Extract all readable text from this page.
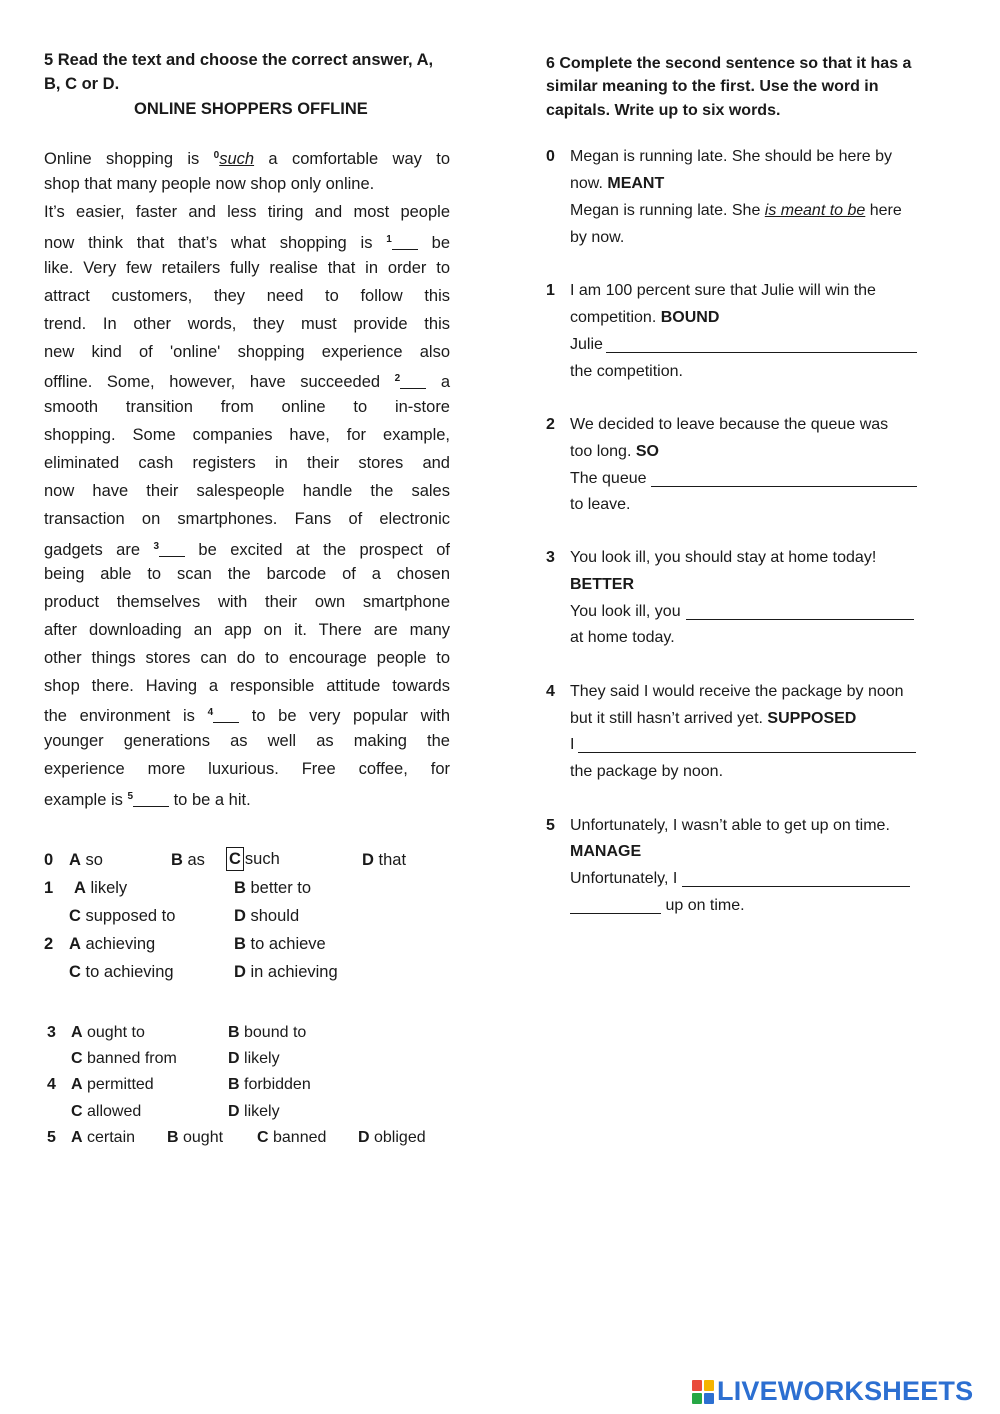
5 Read the text and choose the correct answer, A,
B, C or D.
ONLINE SHOPPERS OFFLINE
Online shopping is $^0$such a comfortable way to
shop that many people now shop only online.
It’s easier, faster and less tiring and most people
now think that that’s what shopping is $^1$ be
like. Very few retailers fully realise that in order to
attract customers, they need to follow this
trend. In other words, they must provide this
new kind of 'online' shopping experience also
offline. Some, however, have succeeded $^2$ a
smooth transition from online to in-store
shopping. Some companies have, for example,
eliminated cash registers in their stores and
now have their salespeople handle the sales
transaction on smartphones. Fans of electronic
gadgets are $^3$ be excited at the prospect of
being able to scan the barcode of a chosen
product themselves with their own smartphone
after downloading an app on it. There are many
other things stores can do to encourage people to
shop there. Having a responsible attitude towards
the environment is $^4$ to be very popular with
younger generations as well as making the
experience more luxurious. Free coffee, for
example is $^5$ to be a hit.
0 A so	B as C such	D that
1 A likely	B better to
C supposed to	D should
2 A achieving	B to achieve
C to achieving	D in achieving
3 A ought to	B bound to
C banned from	D likely
4 A permitted	B forbidden
C allowed	D likely
5 A certain B ought C banned D obliged
6 Complete the second sentence so that it has a
similar meaning to the first. Use the word in
capitals. Write up to six words.
0 Megan is running late. She should be here by
now. MEANT
Megan is running late. She is meant to be here
by now.
1 I am 100 percent sure that Julie will win the
competition. BOUND
Julie
the competition.
2 We decided to leave because the queue was
too long. SO
The queue
to leave.
3 You look ill, you should stay at home today!
BETTER
You look ill, you
at home today.
4 They said I would receive the package by noon
but it still hasn’t arrived yet. SUPPOSED
I
the package by noon.
5 Unfortunately, I wasn’t able to get up on time.
MANAGE
Unfortunately, I
up on time.
LIVEWORKSHEETS
